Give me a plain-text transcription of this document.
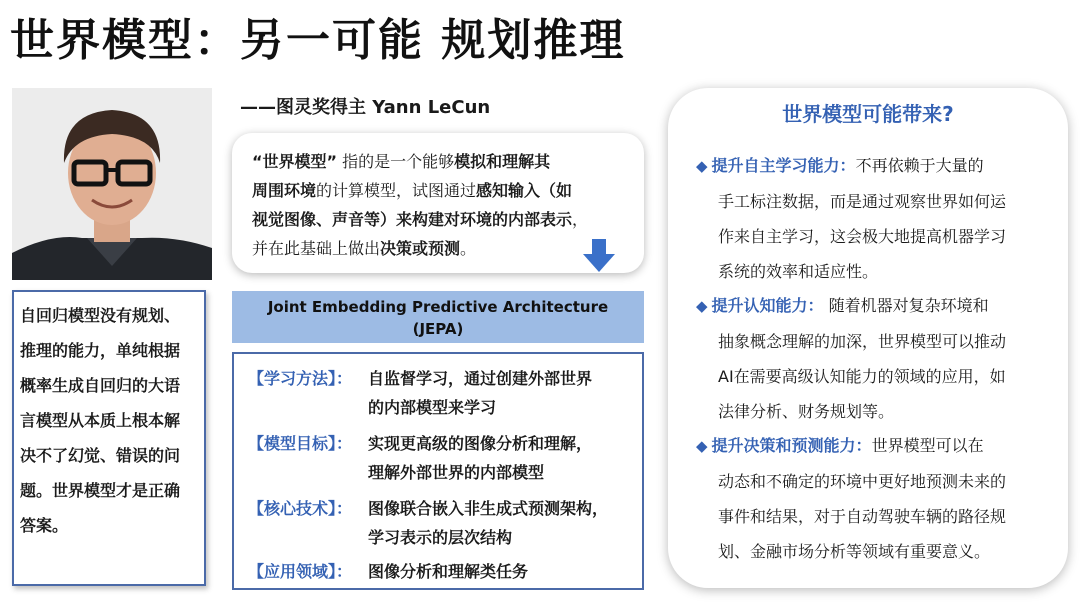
世界模型：另一可能 规划推理
——图灵奖得主 Yann LeCun

“世界模型” 指的是一个能够模拟和理解其
周围环境的计算模型，试图通过感知输入（如
视觉图像、声音等）来构建对环境的内部表示，
并在此基础上做出决策或预测。

自回归模型没有规划、
推理的能力，单纯根据
概率生成自回归的大语
言模型从本质上根本解
决不了幻觉、错误的问
题。世界模型才是正确
答案。

Joint Embedding Predictive Architecture
(JEPA)
【学习方法】： 自监督学习，通过创建外部世界
的内部模型来学习
【模型目标】： 实现更高级的图像分析和理解，
理解外部世界的内部模型
【核心技术】： 图像联合嵌入非生成式预测架构，
学习表示的层次结构
【应用领域】： 图像分析和理解类任务
世界模型可能带来?
◆ 提升自主学习能力：不再依赖于大量的

手工标注数据，而是通过观察世界如何运
作来自主学习，这会极大地提高机器学习
系统的效率和适应性。
◆ 提升认知能力： 随着机器对复杂环境和

抽象概念理解的加深，世界模型可以推动
AI在需要高级认知能力的领域的应用，如
法律分析、财务规划等。
◆ 提升决策和预测能力：世界模型可以在

动态和不确定的环境中更好地预测未来的
事件和结果，对于自动驾驶车辆的路径规
划、金融市场分析等领域有重要意义。
